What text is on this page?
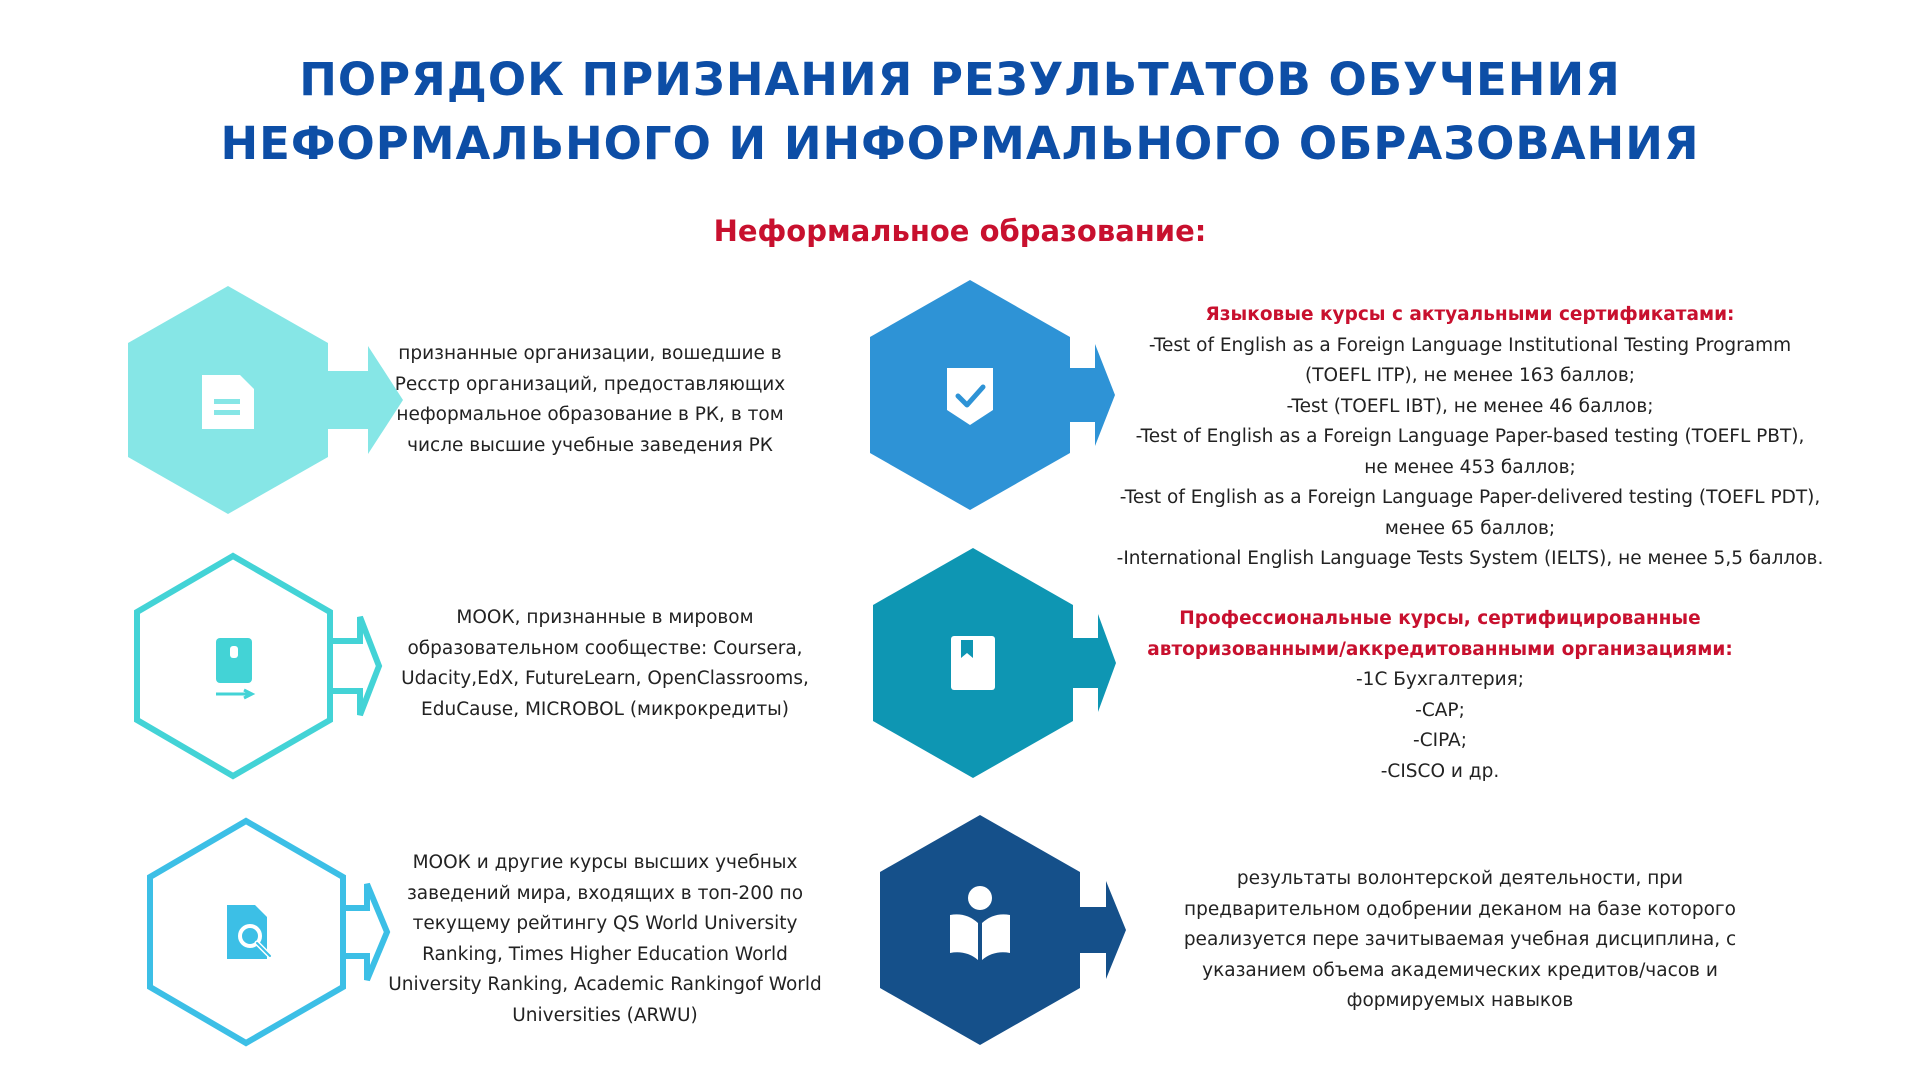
ПОРЯДОК ПРИЗНАНИЯ РЕЗУЛЬТАТОВ ОБУЧЕНИЯ
НЕФОРМАЛЬНОГО И ИНФОРМАЛЬНОГО ОБРАЗОВАНИЯ
Неформальное образование:
признанные организации, вошедшие в
Pесстр организаций, предоставляющих
неформальное образование в РК, в том
числе высшие учебные заведения РК
МООК, признанные в мировом
образовательном сообществе: Coursera,
Udacity,EdX, FutureLearn, OpenClassrooms,
EduCause, MICROBOL (микрокредиты)
МООК и другие курсы высших учебных
заведений мира, входящих в топ-200 по
текущему рейтингу QS World University
Ranking, Times Higher Education World
University Ranking, Academic Rankingof World
Universities (ARWU)
Языковые курсы с актуальными сертификатами:
-Test of English as a Foreign Language Institutional Testing Programm
(TOEFL ITP), не менее 163 баллов;
-Test (TOEFL IBT), не менее 46 баллов;
-Test of English as a Foreign Language Paper-based testing (TOEFL PBT),
не менее 453 баллов;
-Test of English as a Foreign Language Paper-delivered testing (TOEFL PDT),
менее 65 баллов;
-International English Language Tests System (IELTS), не менее 5,5 баллов.
Профессиональные курсы, сертифицированные
авторизованными/аккредитованными организациями:
-1С Бухгалтерия;
-САР;
-CIPA;
-CISCO и др.
результаты волонтерской деятельности, при
предварительном одобрении деканом на базе которого
реализуется пере зачитываемая учебная дисциплина, с
указанием объема академических кредитов/часов и
формируемых навыков
